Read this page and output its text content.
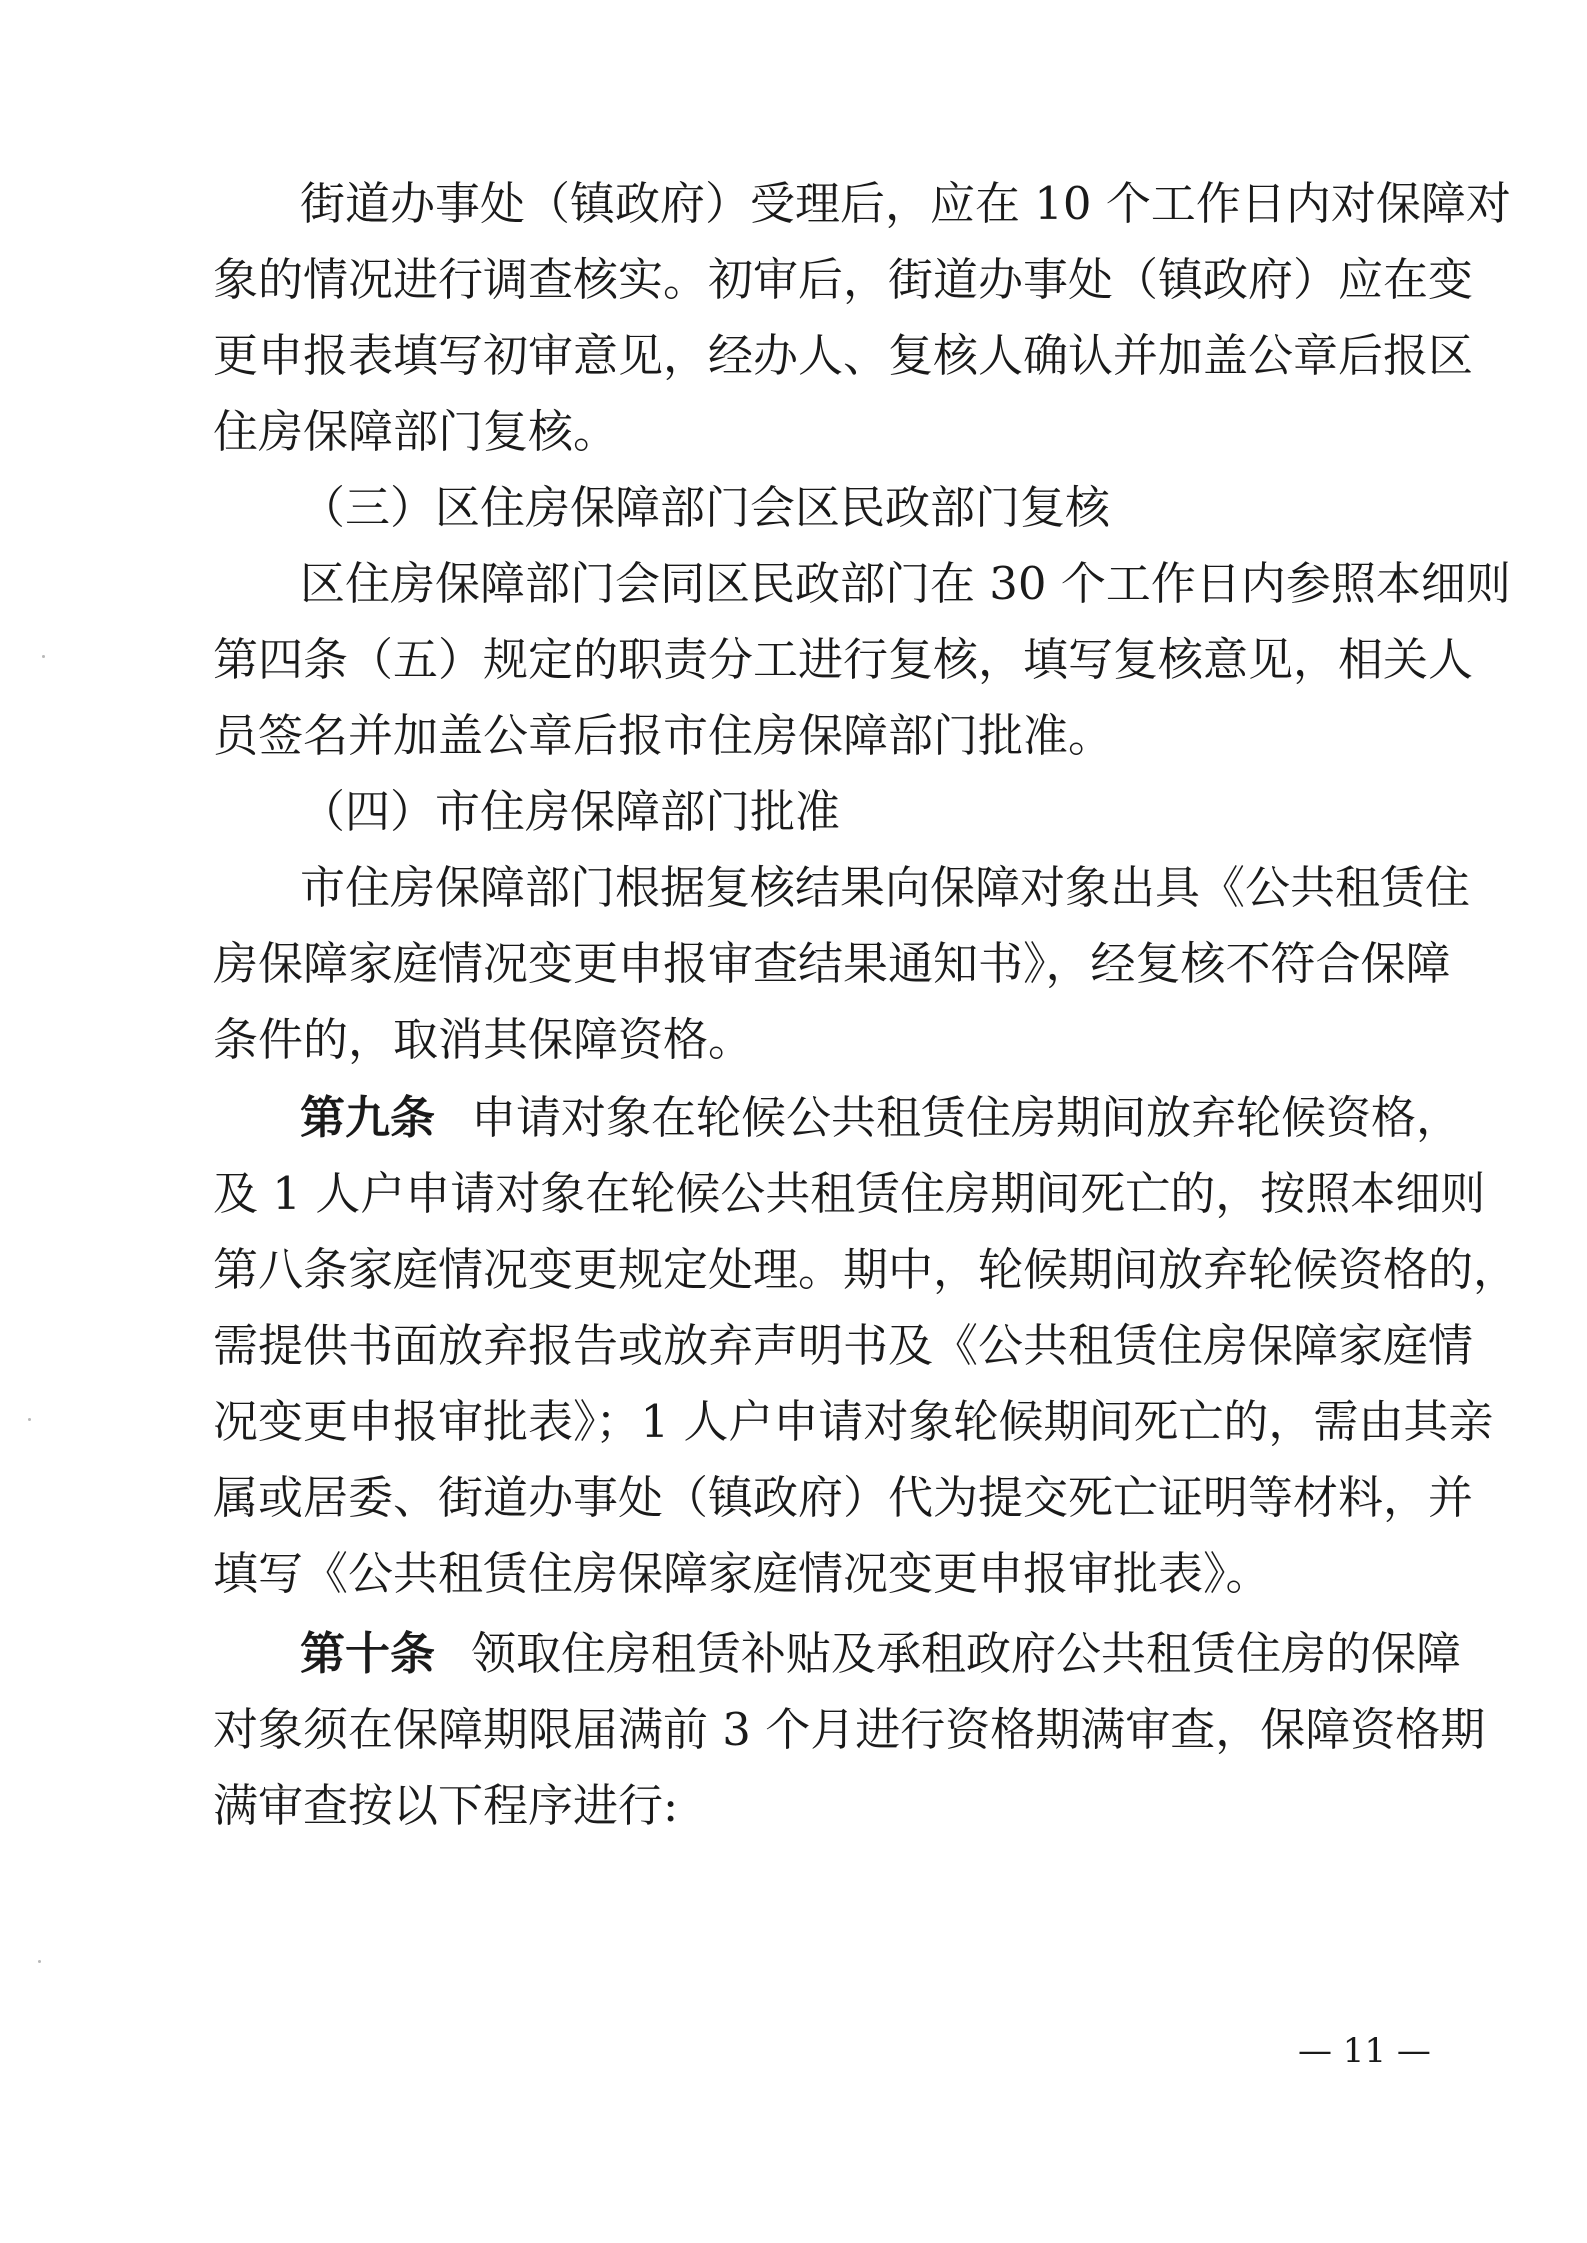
街道办事处（镇政府）受理后，应在 10 个工作日内对保障对
象的情况进行调查核实。初审后，街道办事处（镇政府）应在变
更申报表填写初审意见，经办人、复核人确认并加盖公章后报区
住房保障部门复核。
（三）区住房保障部门会区民政部门复核
区住房保障部门会同区民政部门在 30 个工作日内参照本细则
第四条（五）规定的职责分工进行复核，填写复核意见，相关人
员签名并加盖公章后报市住房保障部门批准。
（四）市住房保障部门批准
市住房保障部门根据复核结果向保障对象出具《公共租赁住
房保障家庭情况变更申报审查结果通知书》，经复核不符合保障
条件的，取消其保障资格。
第九条 申请对象在轮候公共租赁住房期间放弃轮候资格，
及 1 人户申请对象在轮候公共租赁住房期间死亡的，按照本细则
第八条家庭情况变更规定处理。期中，轮候期间放弃轮候资格的，
需提供书面放弃报告或放弃声明书及《公共租赁住房保障家庭情
况变更申报审批表》；1 人户申请对象轮候期间死亡的，需由其亲
属或居委、街道办事处（镇政府）代为提交死亡证明等材料，并
填写《公共租赁住房保障家庭情况变更申报审批表》。
第十条 领取住房租赁补贴及承租政府公共租赁住房的保障
对象须在保障期限届满前 3 个月进行资格期满审查，保障资格期
满审查按以下程序进行:
— 11 —
